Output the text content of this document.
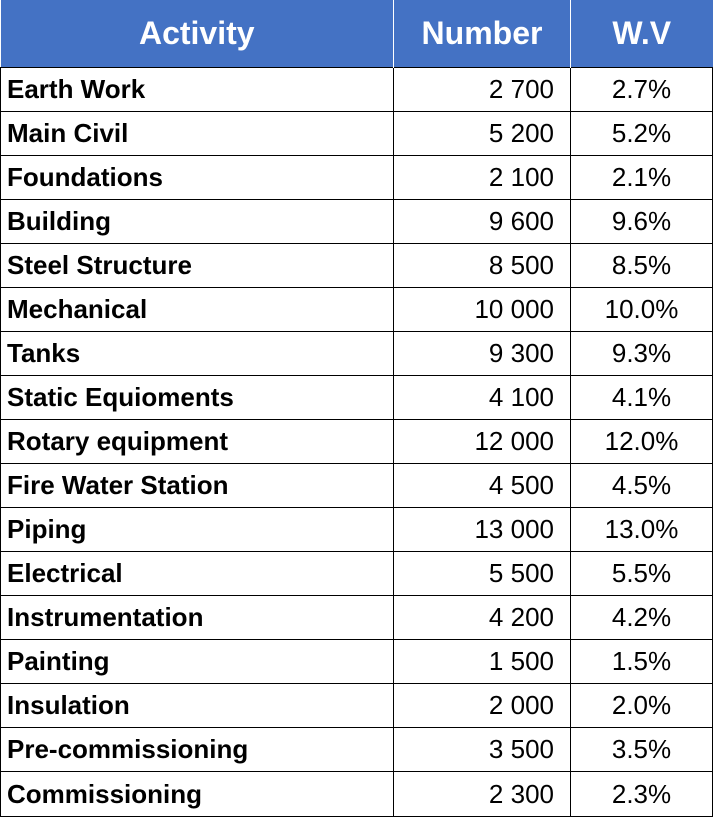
Activity	Number	W.V
Earth Work	2 700	2.7%
Main Civil	5 200	5.2%
Foundations	2 100	2.1%
Building	9 600	9.6%
Steel Structure	8 500	8.5%
Mechanical	10 000	10.0%
Tanks	9 300	9.3%
Static Equioments	4 100	4.1%
Rotary equipment	12 000	12.0%
Fire Water Station	4 500	4.5%
Piping	13 000	13.0%
Electrical	5 500	5.5%
Instrumentation	4 200	4.2%
Painting	1 500	1.5%
Insulation	2 000	2.0%
Pre-commissioning	3 500	3.5%
Commissioning	2 300	2.3%
